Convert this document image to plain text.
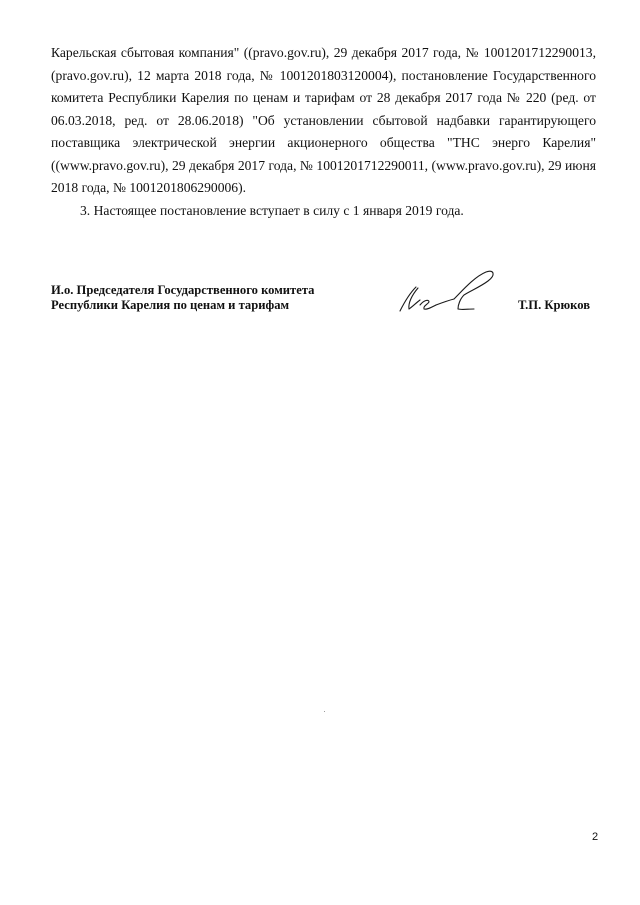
Карельская сбытовая компания" ((pravo.gov.ru), 29 декабря 2017 года, № 1001201712290013, (pravo.gov.ru), 12 марта 2018 года, № 1001201803120004), постановление Государственного комитета Республики Карелия по ценам и тарифам от 28 декабря 2017 года № 220 (ред. от 06.03.2018, ред. от 28.06.2018) "Об установлении сбытовой надбавки гарантирующего поставщика электрической энергии акционерного общества "ТНС энерго Карелия" ((www.pravo.gov.ru), 29 декабря 2017 года, № 1001201712290011, (www.pravo.gov.ru), 29 июня 2018 года, № 1001201806290006).

3. Настоящее постановление вступает в силу с 1 января 2019 года.

И.о. Председателя Государственного комитета
Республики Карелия по ценам и тарифам	Т.П. Крюков
2
